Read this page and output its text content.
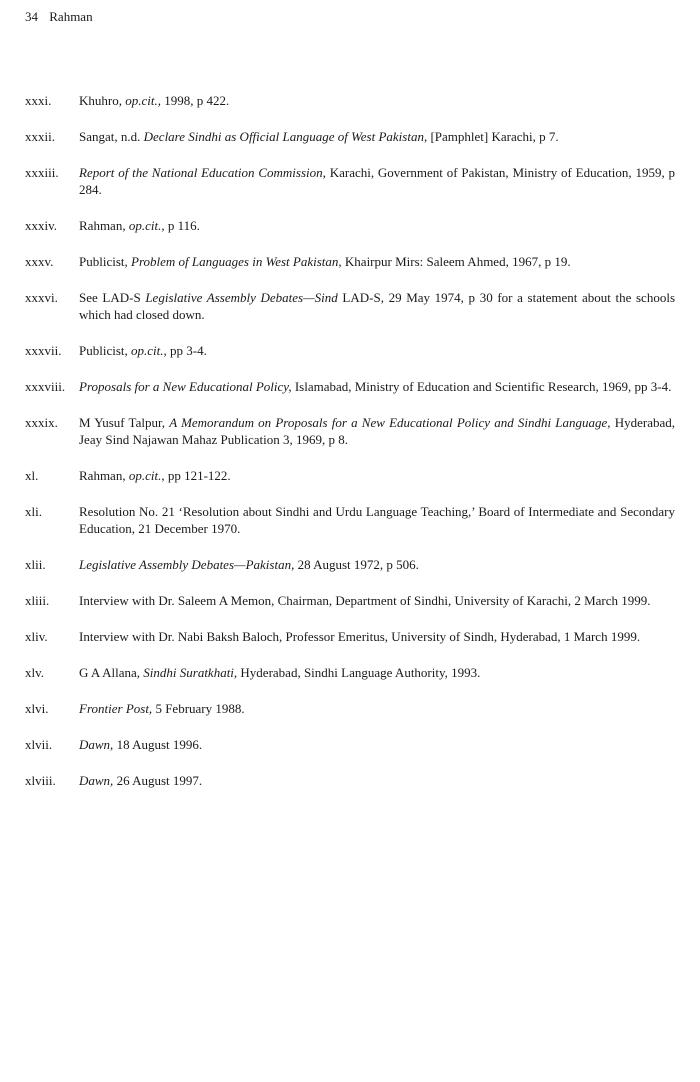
34 Rahman
xxxi. Khuhro, op.cit., 1998, p 422.
xxxii. Sangat, n.d. Declare Sindhi as Official Language of West Pakistan, [Pamphlet] Karachi, p 7.
xxxiii. Report of the National Education Commission, Karachi, Government of Pakistan, Ministry of Education, 1959, p 284.
xxxiv. Rahman, op.cit., p 116.
xxxv. Publicist, Problem of Languages in West Pakistan, Khairpur Mirs: Saleem Ahmed, 1967, p 19.
xxxvi. See LAD-S Legislative Assembly Debates—Sind LAD-S, 29 May 1974, p 30 for a statement about the schools which had closed down.
xxxvii. Publicist, op.cit., pp 3-4.
xxxviii. Proposals for a New Educational Policy, Islamabad, Ministry of Education and Scientific Research, 1969, pp 3-4.
xxxix. M Yusuf Talpur, A Memorandum on Proposals for a New Educational Policy and Sindhi Language, Hyderabad, Jeay Sind Najawan Mahaz Publication 3, 1969, p 8.
xl.	Rahman, op.cit., pp 121-122.
xli.	Resolution No. 21 ‘Resolution about Sindhi and Urdu Language Teaching,’ Board of Intermediate and Secondary Education, 21 December 1970.
xlii.	Legislative Assembly Debates—Pakistan, 28 August 1972, p 506.
xliii. Interview with Dr. Saleem A Memon, Chairman, Department of Sindhi, University of Karachi, 2 March 1999.
xliv. Interview with Dr. Nabi Baksh Baloch, Professor Emeritus, University of Sindh, Hyderabad, 1 March 1999.
xlv.	G A Allana, Sindhi Suratkhati, Hyderabad, Sindhi Language Authority, 1993.
xlvi. Frontier Post, 5 February 1988.
xlvii. Dawn, 18 August 1996.
xlviii. Dawn, 26 August 1997.
